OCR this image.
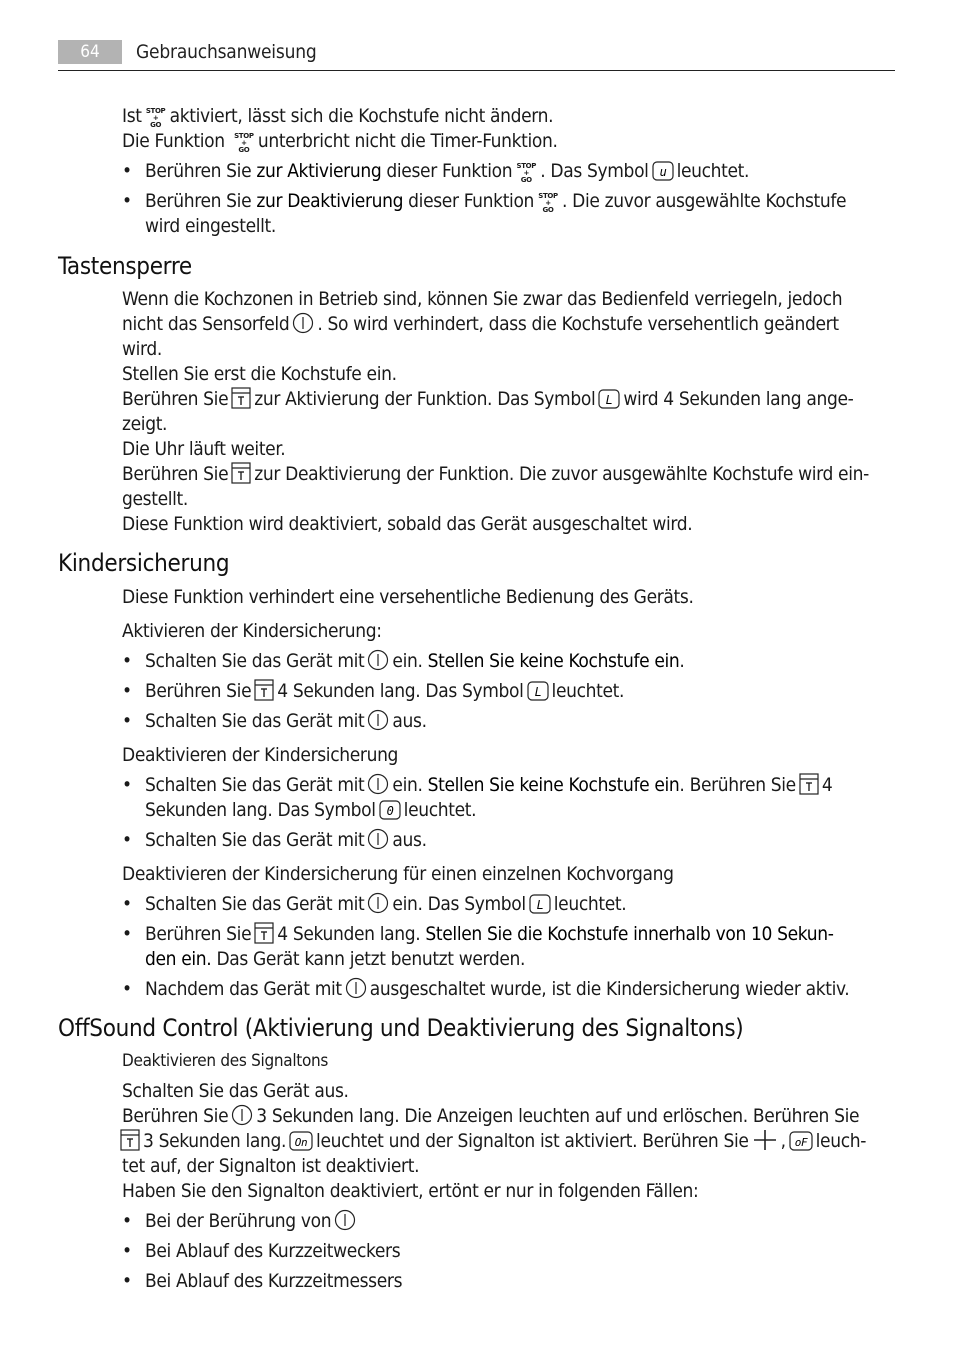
64	Gebrauchsanweisung
Ist STOP
+
GO aktiviert, lässt sich die Kochstufe nicht ändern.
Die Funktion STOP
+
GO unterbricht nicht die Timer-Funktion.
• Berühren Sie zur Aktivierung dieser Funktion STOP
+
GO . Das Symbol u leuchtet.
• Berühren Sie zur Deaktivierung dieser Funktion STOP
+
GO . Die zuvor ausgewählte Kochstufe
wird eingestellt.
Tastensperre
Wenn die Kochzonen in Betrieb sind, können Sie zwar das Bedienfeld verriegeln, jedoch
nicht das Sensorfeld . So wird verhindert, dass die Kochstufe versehentlich geändert
wird.
Stellen Sie erst die Kochstufe ein.
Berühren Sie zur Aktivierung der Funktion. Das Symbol L wird 4 Sekunden lang ange-
zeigt.
Die Uhr läuft weiter.
Berühren Sie zur Deaktivierung der Funktion. Die zuvor ausgewählte Kochstufe wird ein-
gestellt.
Diese Funktion wird deaktiviert, sobald das Gerät ausgeschaltet wird.
Kindersicherung
Diese Funktion verhindert eine versehentliche Bedienung des Geräts.
Aktivieren der Kindersicherung:
• Schalten Sie das Gerät mit ein. Stellen Sie keine Kochstufe ein.
• Berühren Sie 4 Sekunden lang. Das Symbol L leuchtet.
• Schalten Sie das Gerät mit aus.
Deaktivieren der Kindersicherung
• Schalten Sie das Gerät mit ein. Stellen Sie keine Kochstufe ein. Berühren Sie 4
Sekunden lang. Das Symbol 0 leuchtet.
• Schalten Sie das Gerät mit aus.
Deaktivieren der Kindersicherung für einen einzelnen Kochvorgang
• Schalten Sie das Gerät mit ein. Das Symbol L leuchtet.
• Berühren Sie 4 Sekunden lang. Stellen Sie die Kochstufe innerhalb von 10 Sekun-
den ein. Das Gerät kann jetzt benutzt werden.
• Nachdem das Gerät mit ausgeschaltet wurde, ist die Kindersicherung wieder aktiv.
OffSound Control (Aktivierung und Deaktivierung des Signaltons)
Deaktivieren des Signaltons
Schalten Sie das Gerät aus.
Berühren Sie 3 Sekunden lang. Die Anzeigen leuchten auf und erlöschen. Berühren Sie
3 Sekunden lang. On leuchtet und der Signalton ist aktiviert. Berühren Sie , oF leuch-
tet auf, der Signalton ist deaktiviert.
Haben Sie den Signalton deaktiviert, ertönt er nur in folgenden Fällen:
• Bei der Berührung von
• Bei Ablauf des Kurzzeitweckers
• Bei Ablauf des Kurzzeitmessers
